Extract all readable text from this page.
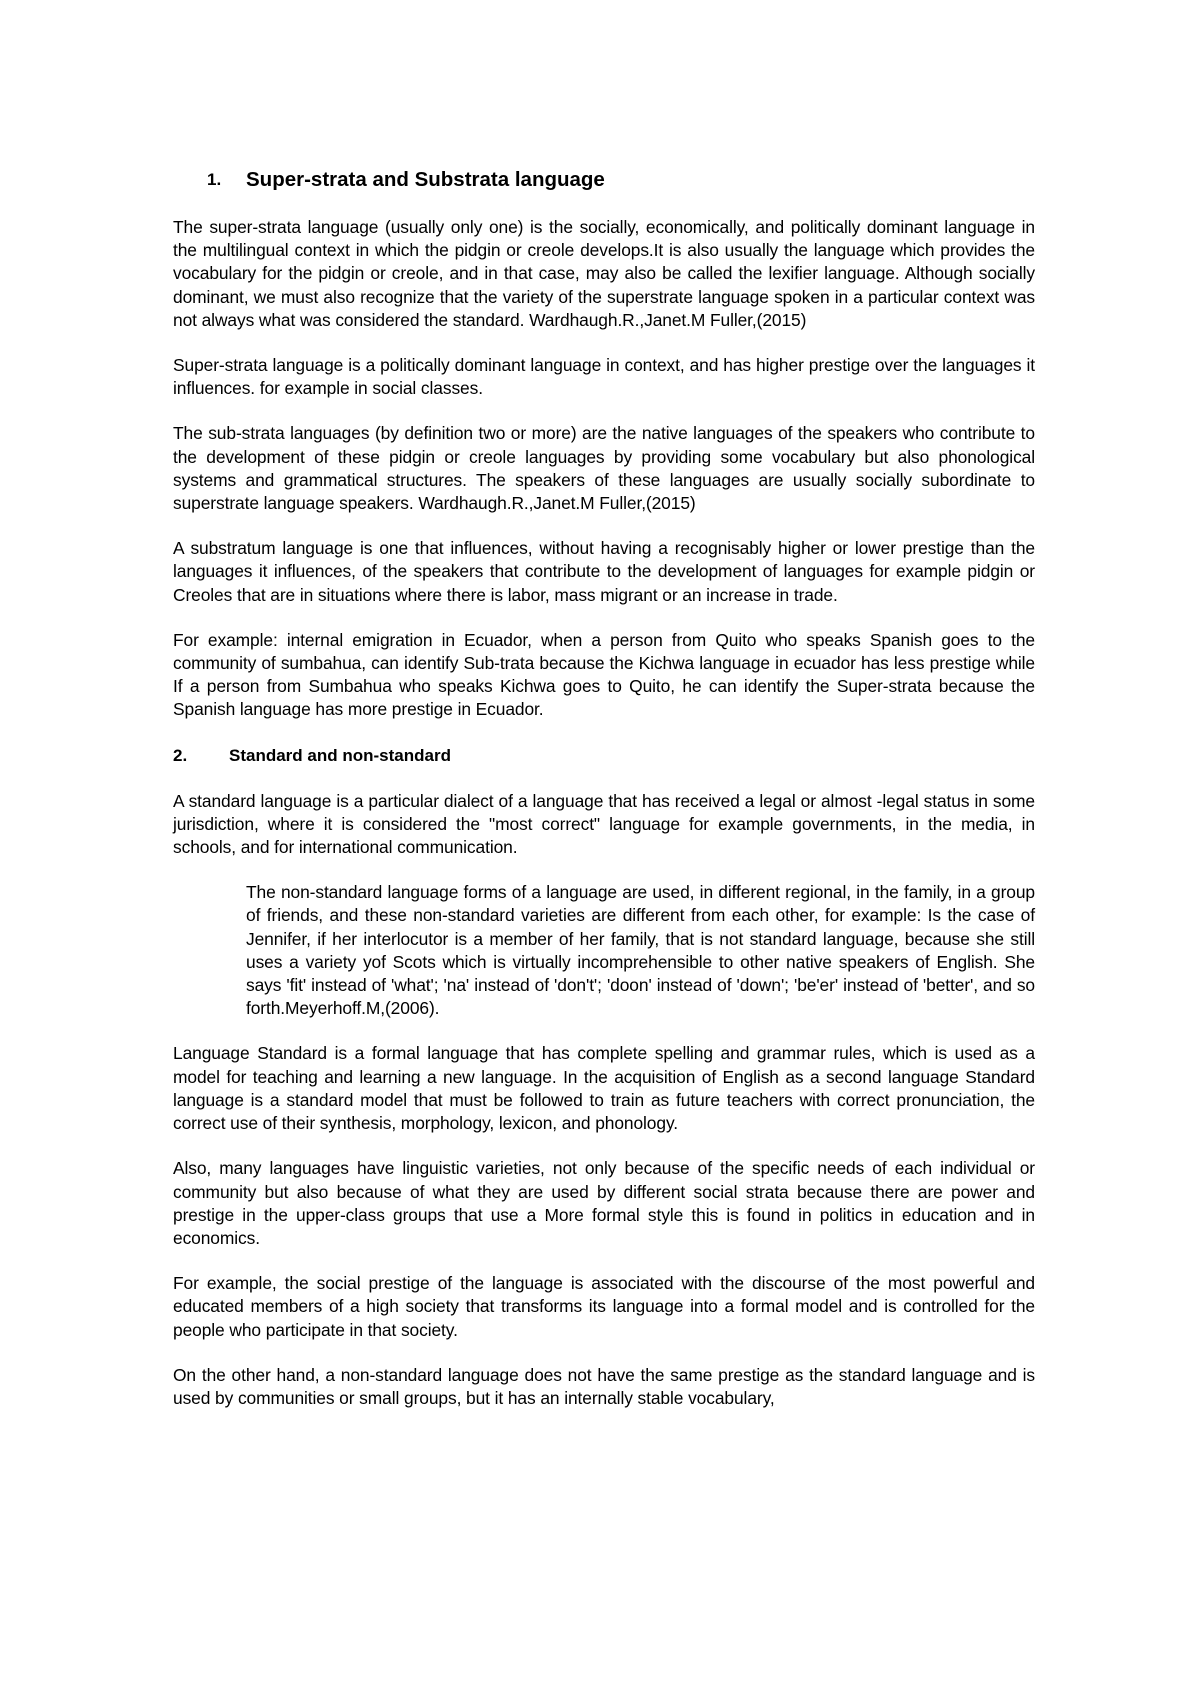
1. Super-strata and Substrata language

The super-strata language (usually only one) is the socially, economically, and politically dominant language in the multilingual context in which the pidgin or creole develops.It is also usually the language which provides the vocabulary for the pidgin or creole, and in that case, may also be called the lexifier language. Although socially dominant, we must also recognize that the variety of the superstrate language spoken in a particular context was not always what was considered the standard. Wardhaugh.R.,Janet.M Fuller,(2015)

Super-strata language is a politically dominant language in context, and has higher prestige over the languages it influences. for example in social classes.

The sub-strata languages (by definition two or more) are the native languages of the speakers who contribute to the development of these pidgin or creole languages by providing some vocabulary but also phonological systems and grammatical structures. The speakers of these languages are usually socially subordinate to superstrate language speakers. Wardhaugh.R.,Janet.M Fuller,(2015)

A substratum language is one that influences, without having a recognisably higher or lower prestige than the languages it influences, of the speakers that contribute to the development of languages for example pidgin or Creoles that are in situations where there is labor, mass migrant or an increase in trade.

For example: internal emigration in Ecuador, when a person from Quito who speaks Spanish goes to the community of sumbahua, can identify Sub-trata because the Kichwa language in ecuador has less prestige while If a person from Sumbahua who speaks Kichwa goes to Quito, he can identify the Super-strata because the Spanish language has more prestige in Ecuador.

2. Standard and non-standard

A standard language is a particular dialect of a language that has received a legal or almost -legal status in some jurisdiction, where it is considered the "most correct" language for example governments, in the media, in schools, and for international communication.

The non-standard language forms of a language are used, in different regional, in the family, in a group of friends, and these non-standard varieties are different from each other, for example: Is the case of Jennifer, if her interlocutor is a member of her family, that is not standard language, because she still uses a variety yof Scots which is virtually incomprehensible to other native speakers of English. She says 'fit' instead of 'what'; 'na' instead of 'don't'; 'doon' instead of 'down'; 'be'er' instead of 'better', and so forth.Meyerhoff.M,(2006).

Language Standard is a formal language that has complete spelling and grammar rules, which is used as a model for teaching and learning a new language. In the acquisition of English as a second language Standard language is a standard model that must be followed to train as future teachers with correct pronunciation, the correct use of their synthesis, morphology, lexicon, and phonology.

Also, many languages have linguistic varieties, not only because of the specific needs of each individual or community but also because of what they are used by different social strata because there are power and prestige in the upper-class groups that use a More formal style this is found in politics in education and in economics.

For example, the social prestige of the language is associated with the discourse of the most powerful and educated members of a high society that transforms its language into a formal model and is controlled for the people who participate in that society.

On the other hand, a non-standard language does not have the same prestige as the standard language and is used by communities or small groups, but it has an internally stable vocabulary,
